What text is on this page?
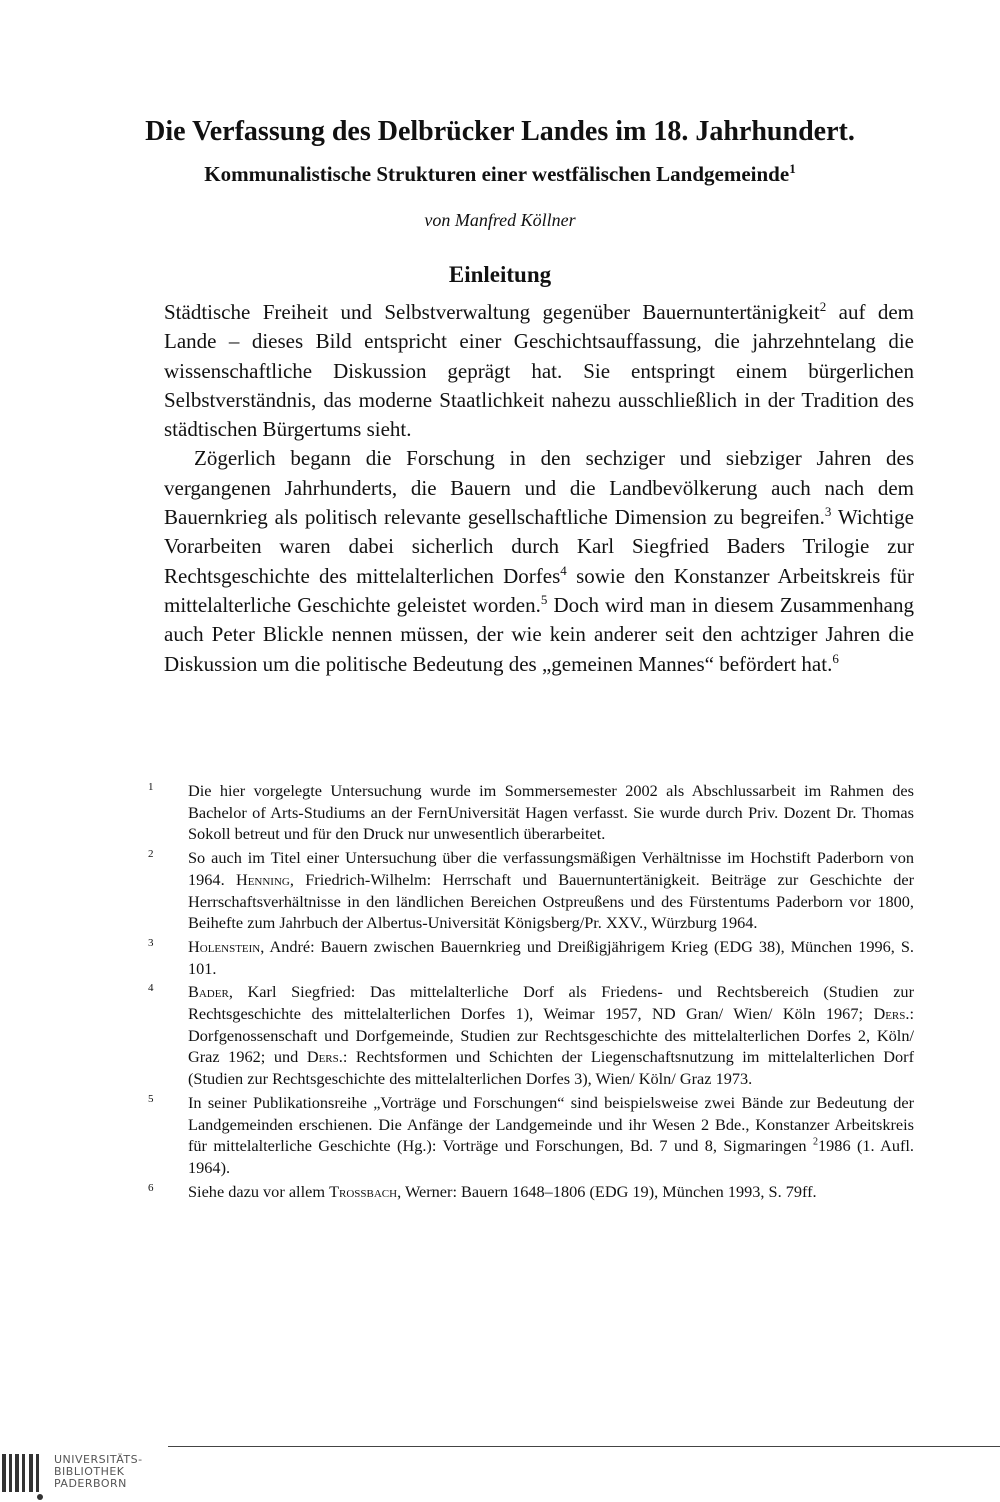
Die Verfassung des Delbrücker Landes im 18. Jahrhundert.
Kommunalistische Strukturen einer westfälischen Landgemeinde$^1$
von Manfred Köllner
Einleitung

Städtische Freiheit und Selbstverwaltung gegenüber Bauernuntertänigkeit$^2$ auf dem Lande – dieses Bild entspricht einer Geschichtsauffassung, die jahrzehntelang die wissenschaftliche Diskussion geprägt hat. Sie entspringt einem bürgerlichen Selbstverständnis, das moderne Staatlichkeit nahezu ausschließlich in der Tradition des städtischen Bürgertums sieht.

Zögerlich begann die Forschung in den sechziger und siebziger Jahren des vergangenen Jahrhunderts, die Bauern und die Landbevölkerung auch nach dem Bauernkrieg als politisch relevante gesellschaftliche Dimension zu begreifen.$^3$ Wichtige Vorarbeiten waren dabei sicherlich durch Karl Siegfried Baders Trilogie zur Rechtsgeschichte des mittelalterlichen Dorfes$^4$ sowie den Konstanzer Arbeitskreis für mittelalterliche Geschichte geleistet worden.$^5$ Doch wird man in diesem Zusammenhang auch Peter Blickle nennen müssen, der wie kein anderer seit den achtziger Jahren die Diskussion um die politische Bedeutung des „gemeinen Mannes“ befördert hat.$^6$

1 Die hier vorgelegte Untersuchung wurde im Sommersemester 2002 als Abschlussarbeit im Rahmen des Bachelor of Arts-Studiums an der FernUniversität Hagen verfasst. Sie wurde durch Priv. Dozent Dr. Thomas Sokoll betreut und für den Druck nur unwesentlich überarbeitet.
2 So auch im Titel einer Untersuchung über die verfassungsmäßigen Verhältnisse im Hochstift Paderborn von 1964. Henning, Friedrich-Wilhelm: Herrschaft und Bauernuntertänigkeit. Beiträge zur Geschichte der Herrschaftsverhältnisse in den ländlichen Bereichen Ostpreußens und des Fürstentums Paderborn vor 1800, Beihefte zum Jahrbuch der Albertus-Universität Königsberg/Pr. XXV., Würzburg 1964.
3 Holenstein, André: Bauern zwischen Bauernkrieg und Dreißigjährigem Krieg (EDG 38), München 1996, S. 101.
4 Bader, Karl Siegfried: Das mittelalterliche Dorf als Friedens- und Rechtsbereich (Studien zur Rechtsgeschichte des mittelalterlichen Dorfes 1), Weimar 1957, ND Gran/ Wien/ Köln 1967; Ders.: Dorfgenossenschaft und Dorfgemeinde, Studien zur Rechtsgeschichte des mittelalterlichen Dorfes 2, Köln/ Graz 1962; und Ders.: Rechtsformen und Schichten der Liegenschaftsnutzung im mittelalterlichen Dorf (Studien zur Rechtsgeschichte des mittelalterlichen Dorfes 3), Wien/ Köln/ Graz 1973.
5 In seiner Publikationsreihe „Vorträge und Forschungen“ sind beispielsweise zwei Bände zur Bedeutung der Landgemeinden erschienen. Die Anfänge der Landgemeinde und ihr Wesen 2 Bde., Konstanzer Arbeitskreis für mittelalterliche Geschichte (Hg.): Vorträge und Forschungen, Bd. 7 und 8, Sigmaringen $^2$1986 (1. Aufl. 1964).
6 Siehe dazu vor allem Trossbach, Werner: Bauern 1648–1806 (EDG 19), München 1993, S. 79ff.
UNIVERSITÄTS-
BIBLIOTHEK
PADERBORN
